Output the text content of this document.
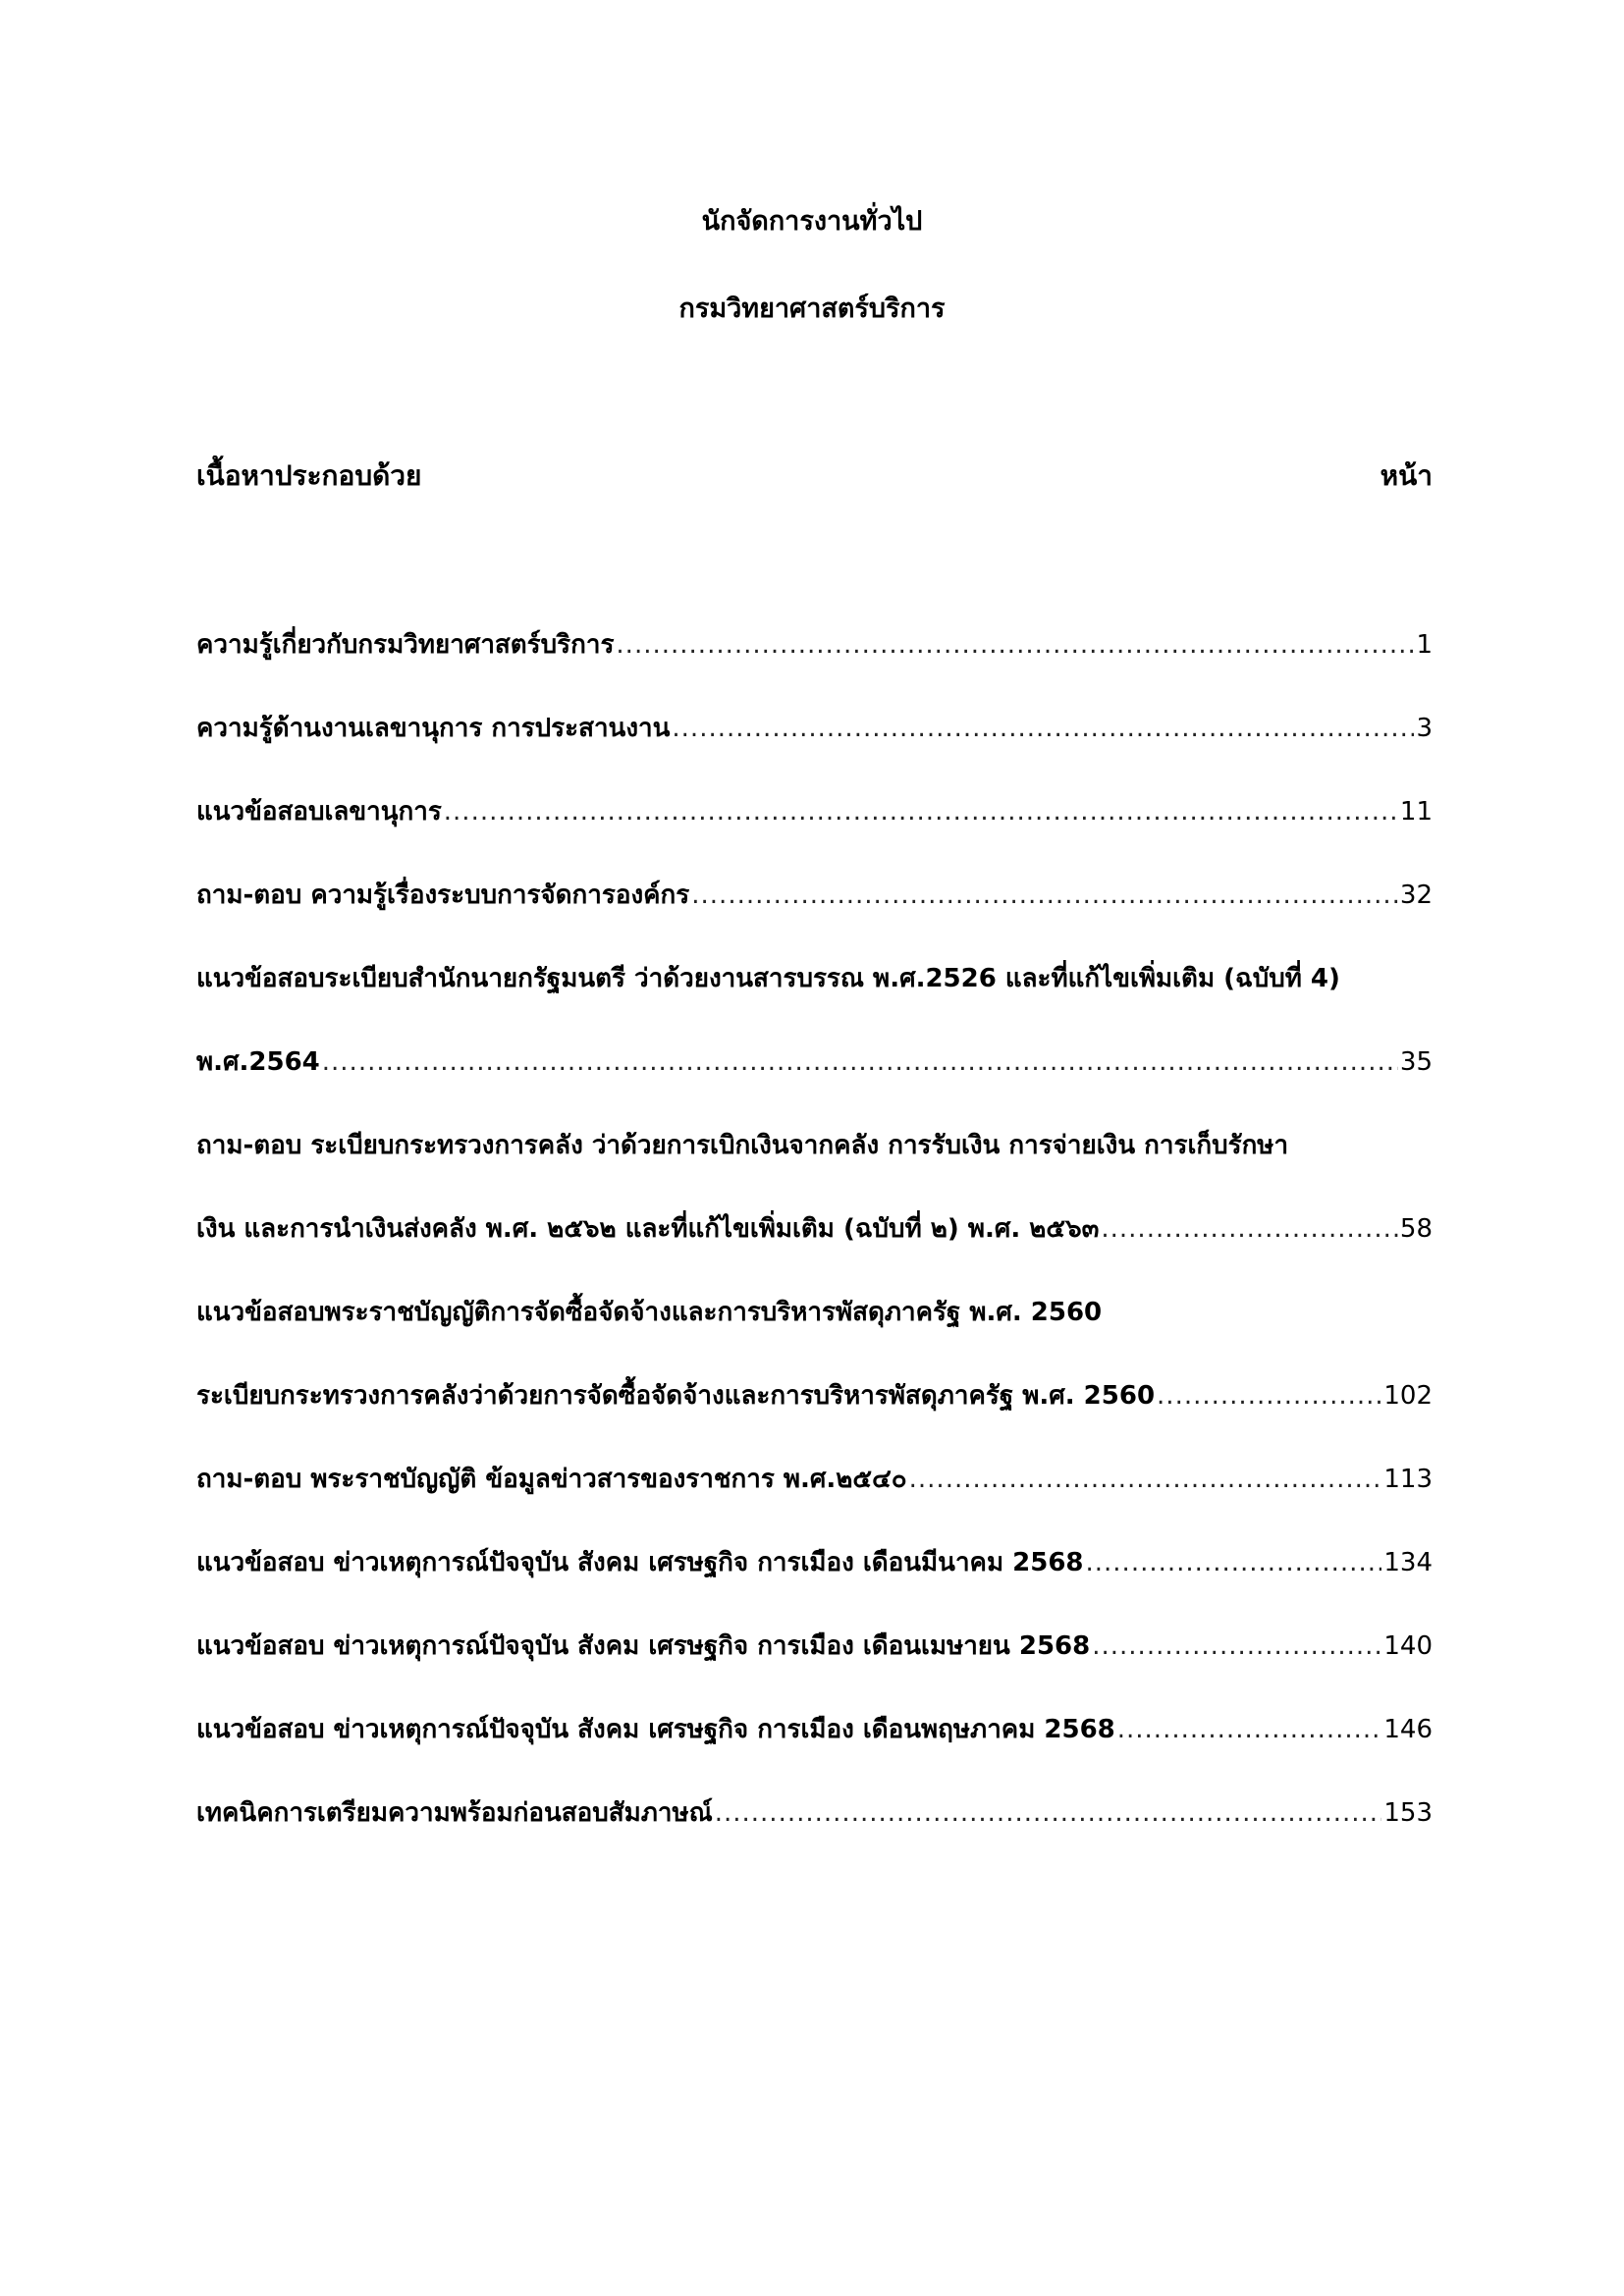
นักจัดการงานทั่วไป
กรมวิทยาศาสตร์บริการ
เนื้อหาประกอบด้วย	หน้า
ความรู้เกี่ยวกับกรมวิทยาศาสตร์บริการ .....	1
ความรู้ด้านงานเลขานุการ การประสานงาน .....	3
แนวข้อสอบเลขานุการ .....	11
ถาม-ตอบ ความรู้เรื่องระบบการจัดการองค์กร .....	32
แนวข้อสอบระเบียบสำนักนายกรัฐมนตรี ว่าด้วยงานสารบรรณ พ.ศ.2526 และที่แก้ไขเพิ่มเติม (ฉบับที่ 4)
พ.ศ.2564 .....	35
ถาม-ตอบ ระเบียบกระทรวงการคลัง ว่าด้วยการเบิกเงินจากคลัง การรับเงิน การจ่ายเงิน การเก็บรักษา
เงิน และการนำเงินส่งคลัง พ.ศ. ๒๕๖๒ และที่แก้ไขเพิ่มเติม (ฉบับที่ ๒) พ.ศ. ๒๕๖๓ .....	58
แนวข้อสอบพระราชบัญญัติการจัดซื้อจัดจ้างและการบริหารพัสดุภาครัฐ พ.ศ. 2560
ระเบียบกระทรวงการคลังว่าด้วยการจัดซื้อจัดจ้างและการบริหารพัสดุภาครัฐ พ.ศ. 2560 .....	102
ถาม-ตอบ พระราชบัญญัติ ข้อมูลข่าวสารของราชการ พ.ศ.๒๕๔๐ .....	113
แนวข้อสอบ ข่าวเหตุการณ์ปัจจุบัน สังคม เศรษฐกิจ การเมือง เดือนมีนาคม 2568 .....	134
แนวข้อสอบ ข่าวเหตุการณ์ปัจจุบัน สังคม เศรษฐกิจ การเมือง เดือนเมษายน 2568 .....	140
แนวข้อสอบ ข่าวเหตุการณ์ปัจจุบัน สังคม เศรษฐกิจ การเมือง เดือนพฤษภาคม 2568 .....	146
เทคนิคการเตรียมความพร้อมก่อนสอบสัมภาษณ์ .....	153
